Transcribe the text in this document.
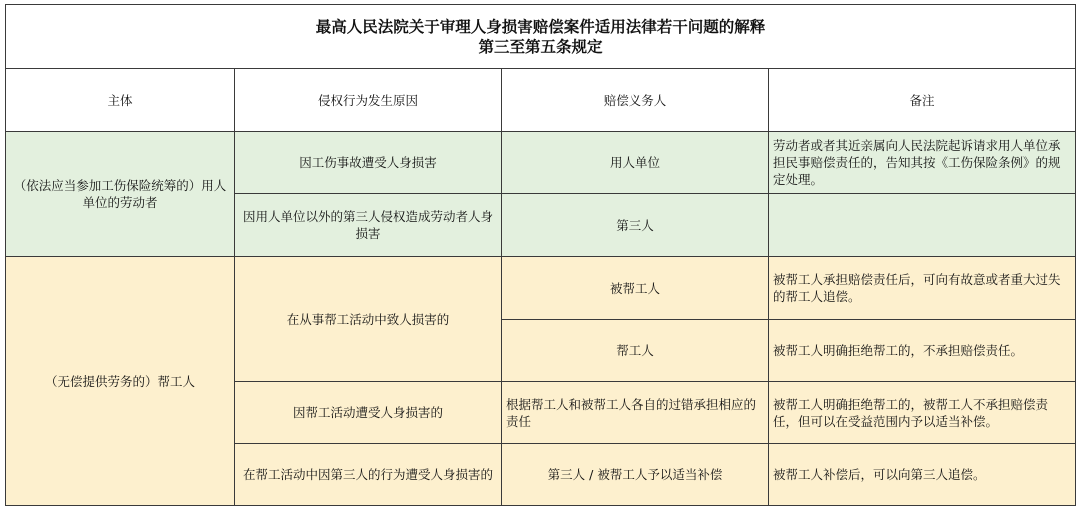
最高人民法院关于审理人身损害赔偿案件适用法律若干问题的解释
第三至第五条规定			

主体	侵权行为发生原因	赔偿义务人	备注
（依法应当参加工伤保险统筹的）用人单位的劳动者	因工伤事故遭受人身损害	用人单位	劳动者或者其近亲属向人民法院起诉请求用人单位承担民事赔偿责任的，告知其按《工伤保险条例》的规定处理。
	因用人单位以外的第三人侵权造成劳动者人身损害	第三人	
（无偿提供劳务的）帮工人	在从事帮工活动中致人损害的	被帮工人	被帮工人承担赔偿责任后，可向有故意或者重大过失的帮工人追偿。
		帮工人	被帮工人明确拒绝帮工的，不承担赔偿责任。
	因帮工活动遭受人身损害的	根据帮工人和被帮工人各自的过错承担相应的责任	被帮工人明确拒绝帮工的，被帮工人不承担赔偿责任，但可以在受益范围内予以适当补偿。
	在帮工活动中因第三人的行为遭受人身损害的	第三人 / 被帮工人予以适当补偿	被帮工人补偿后，可以向第三人追偿。
